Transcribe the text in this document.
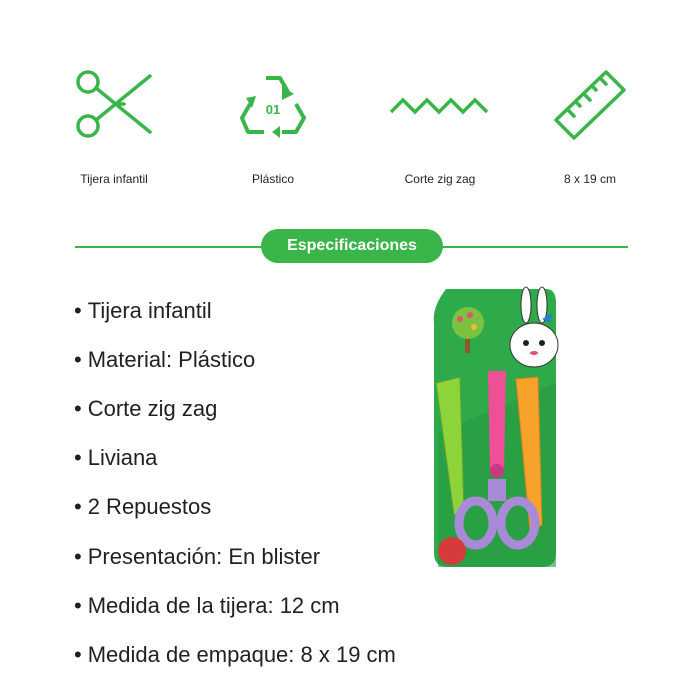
Tijera infantil
01
Plástico	Corte zig zag	8 x 19 cm
Especificaciones
• Tijera infantil
• Material: Plástico
• Corte zig zag
• Liviana
• 2 Repuestos
• Presentación: En blister
• Medida de la tijera: 12 cm
• Medida de empaque: 8 x 19 cm
